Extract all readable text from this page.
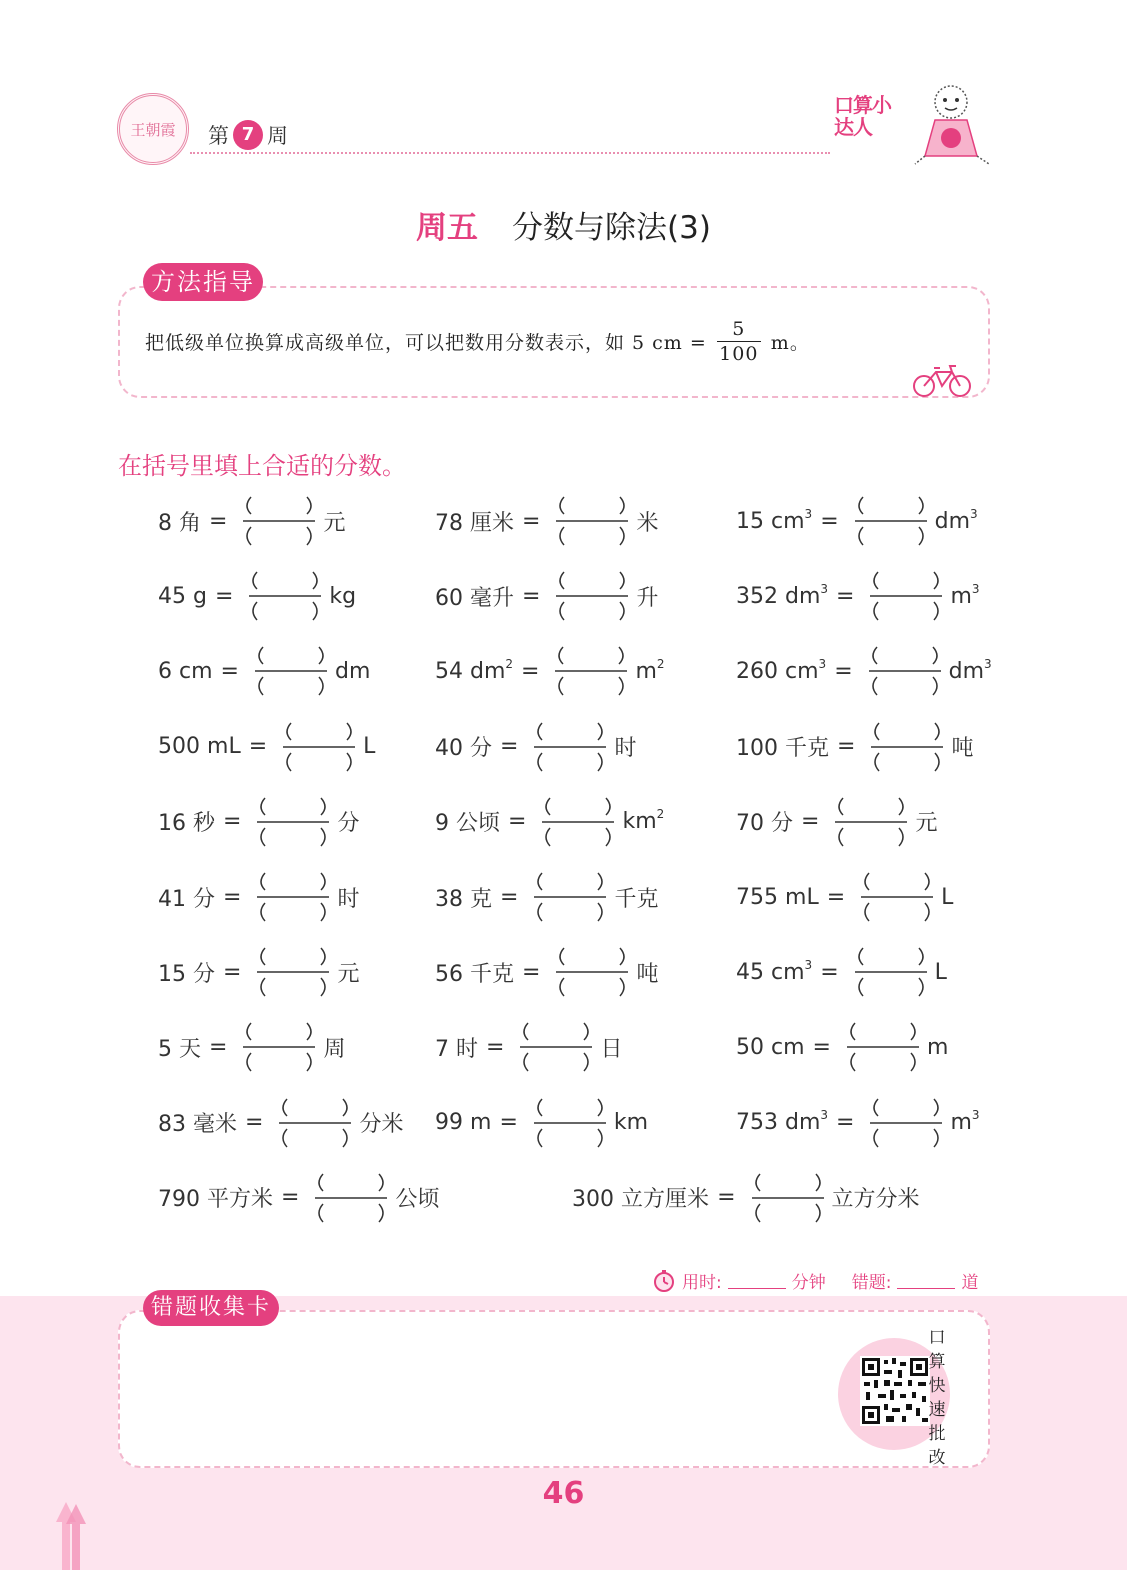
王朝霞 第 7 周
口算小达人
周五 分数与除法(3)
方法指导
把低级单位换算成高级单位，可以把数用分数表示，如 5 cm = $\frac{5}{100}$ m。
在括号里填上合适的分数。
8 角 =	元	78 厘米 =	米	15 $cm^3$ =	$dm^3$
45 g =	kg	60 毫升 =	升	352 $dm^3$ =	$m^3$
6 cm =	dm	54 $dm^2$ =	$m^2$	260 $cm^3$ =	$dm^3$
500 mL =	L	40 分 =	时	100 千克 =	吨
16 秒 =	分	9 公顷 =	$km^2$	70 分 =	元
41 分 =	时	38 克 =	千克	755 mL =	L
15 分 =	元	56 千克 =	吨	45 $cm^3$ =	L
5 天 =	周	7 时 =	日	50 cm =	m
83 毫米 =	分米 99 m =	km	753 $dm^3$ =	$m^3$
790 平方米 =	公顷	300 立方厘米 =	立方分米
用时:	分钟 错题:	道
错题收集卡
口
算
快
速
批
改
46
